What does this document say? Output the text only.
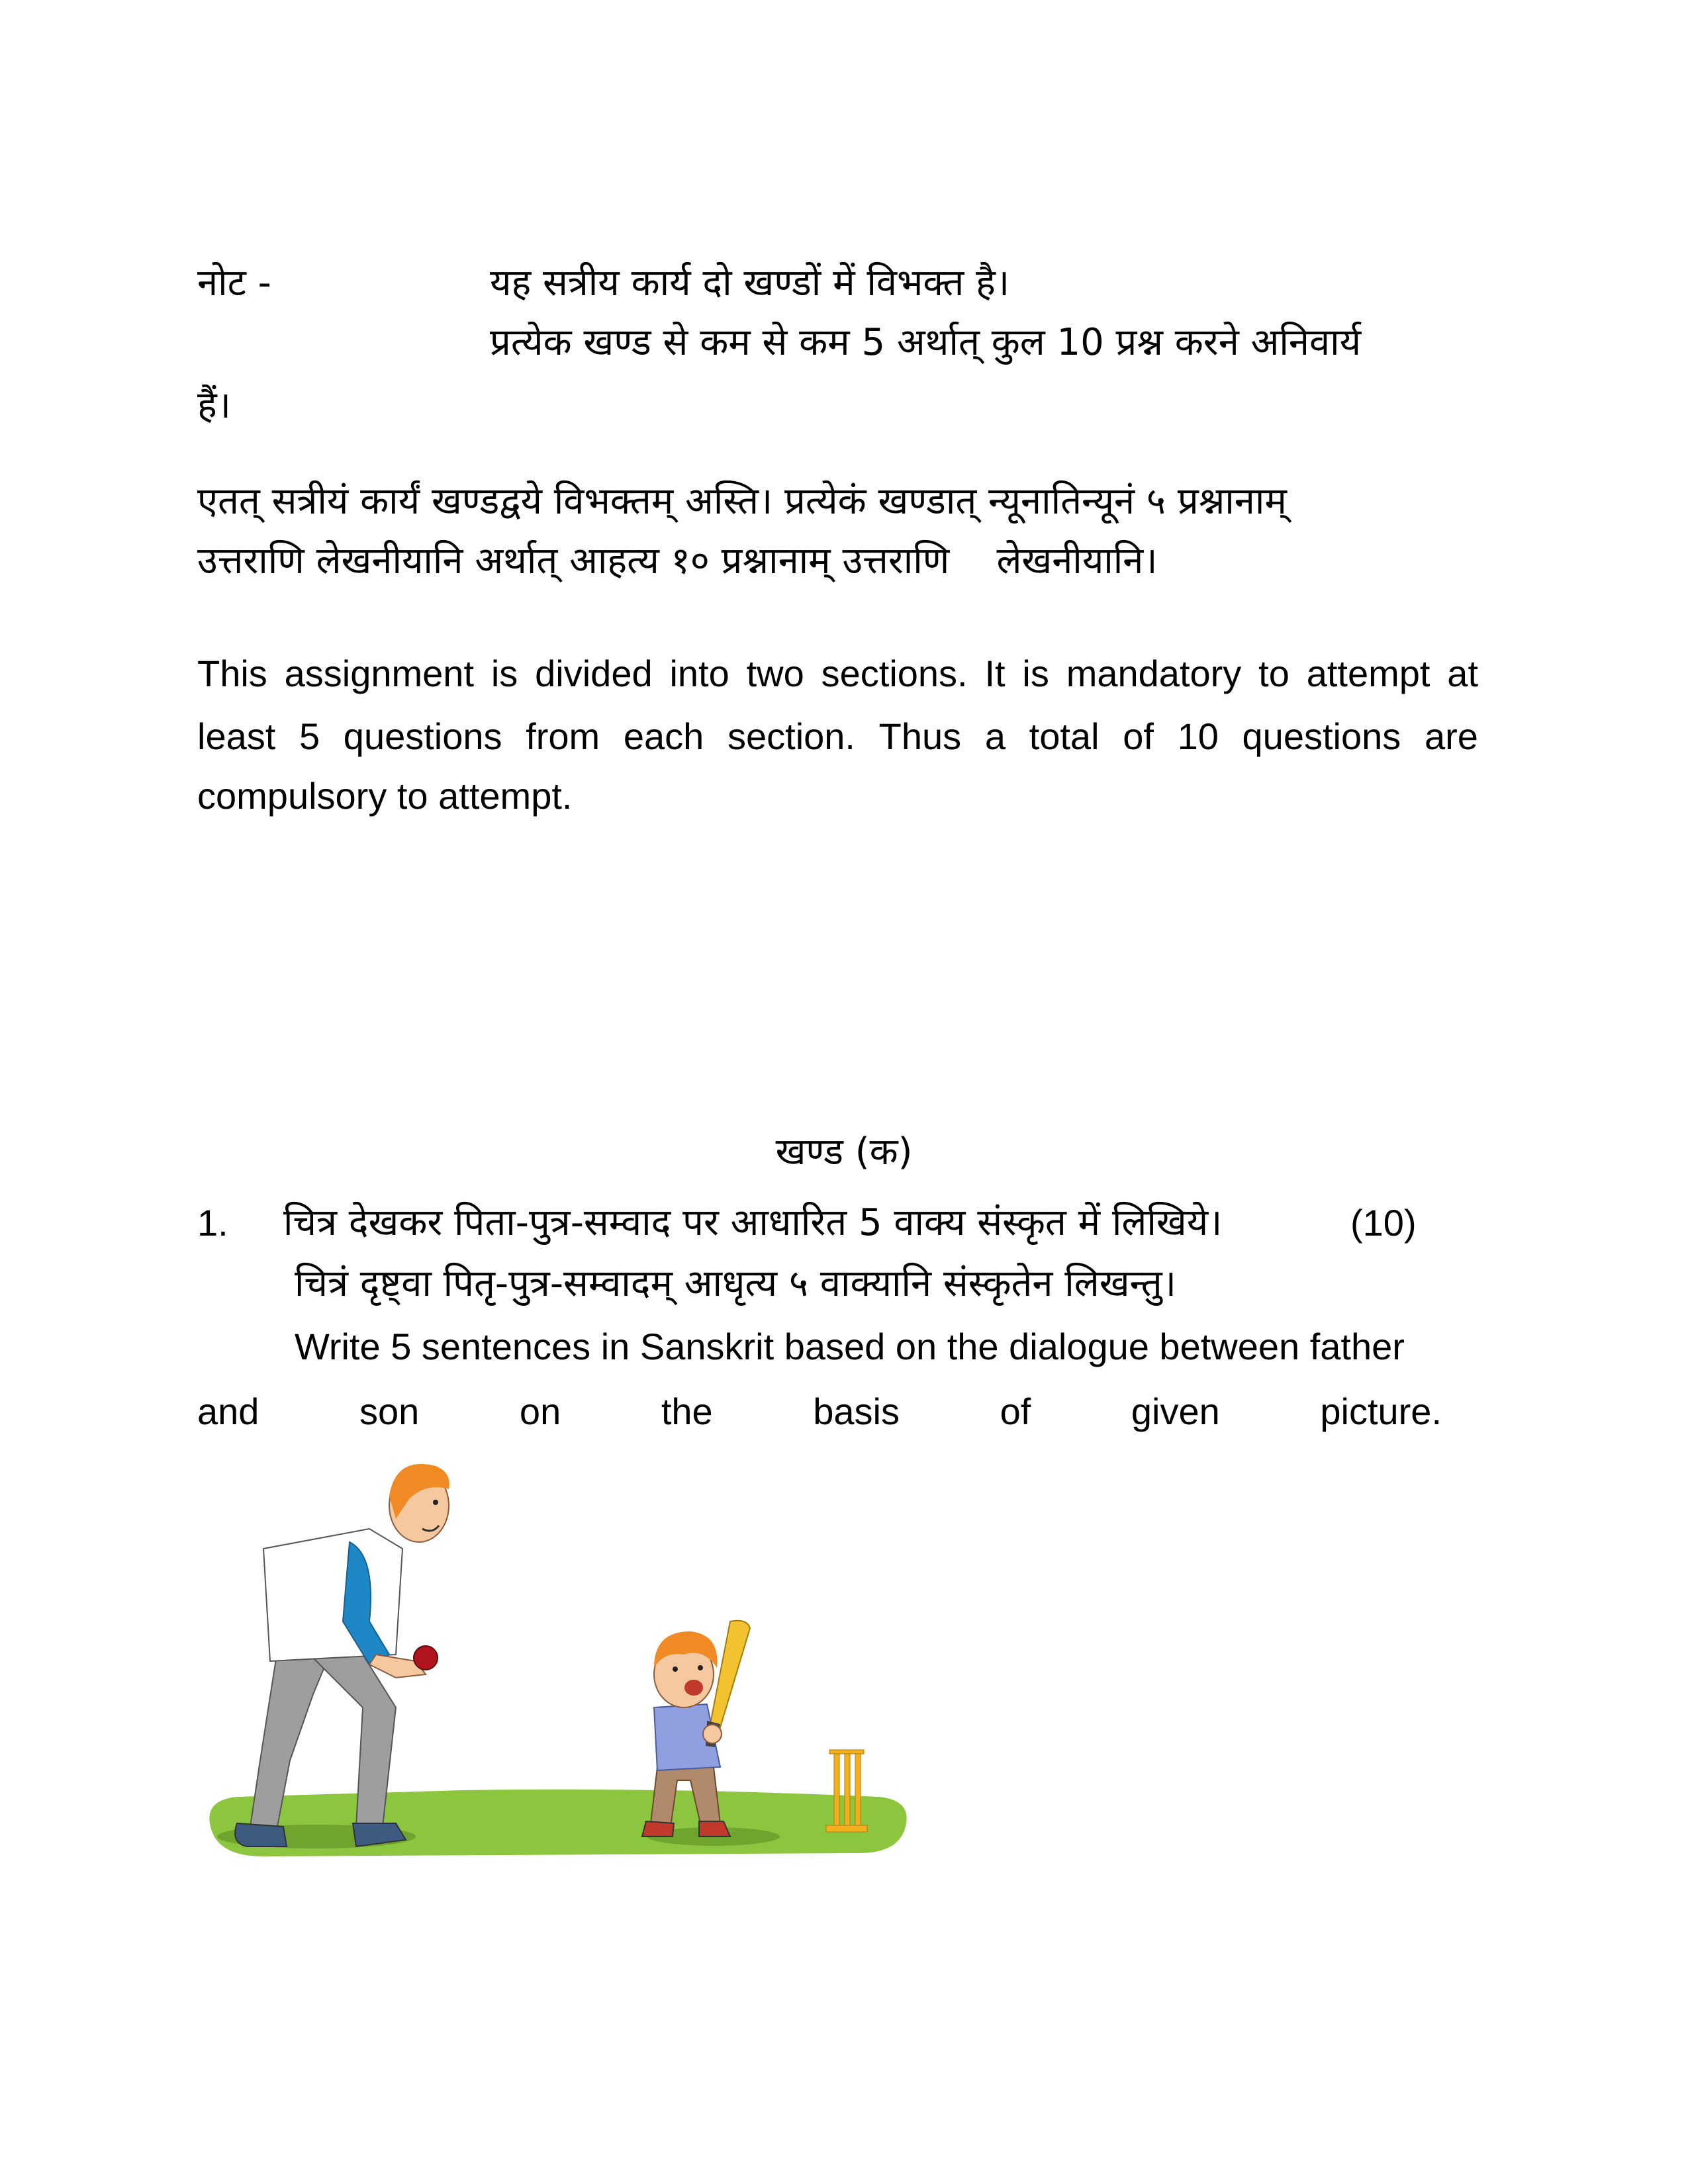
नोट -	यह सत्रीय कार्य दो खण्डों में विभक्त है।
प्रत्येक खण्ड से कम से कम 5 अर्थात् कुल 10 प्रश्न करने अनिवार्य
हैं।
एतत् सत्रीयं कार्यं खण्डद्वये विभक्तम् अस्ति। प्रत्येकं खण्डात् न्यूनातिन्यूनं ५ प्रश्नानाम्
उत्तराणि लेखनीयानि अर्थात् आहत्य १० प्रश्नानाम् उत्तराणि    लेखनीयानि।
This assignment is divided into two sections. It is mandatory to attempt at
least 5 questions from each section. Thus a total of 10 questions are
compulsory to attempt.
खण्ड (क)
1. चित्र देखकर पिता-पुत्र-सम्वाद पर आधारित 5 वाक्य संस्कृत में लिखिये।	(10)
चित्रं दृष्ट्वा पितृ-पुत्र-सम्वादम् आधृत्य ५ वाक्यानि संस्कृतेन लिखन्तु।
Write 5 sentences in Sanskrit based on the dialogue between father
and	son	on	the	basis	of	given	picture.
